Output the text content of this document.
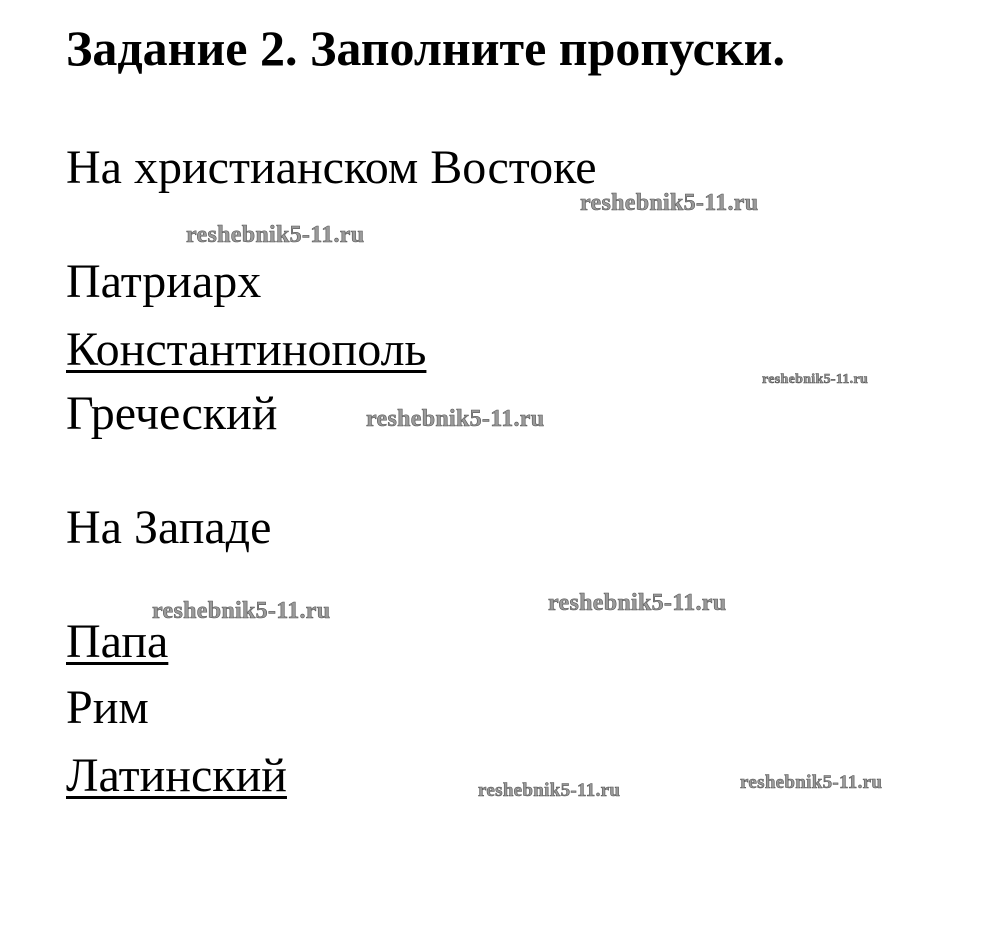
Задание 2. Заполните пропуски.
На христианском Востоке
Патриарх
Константинополь
Греческий
На Западе
Папа
Рим
Латинский
reshebnik5-11.ru
reshebnik5-11.ru
reshebnik5-11.ru
reshebnik5-11.ru
reshebnik5-11.ru
reshebnik5-11.ru
reshebnik5-11.ru
reshebnik5-11.ru
